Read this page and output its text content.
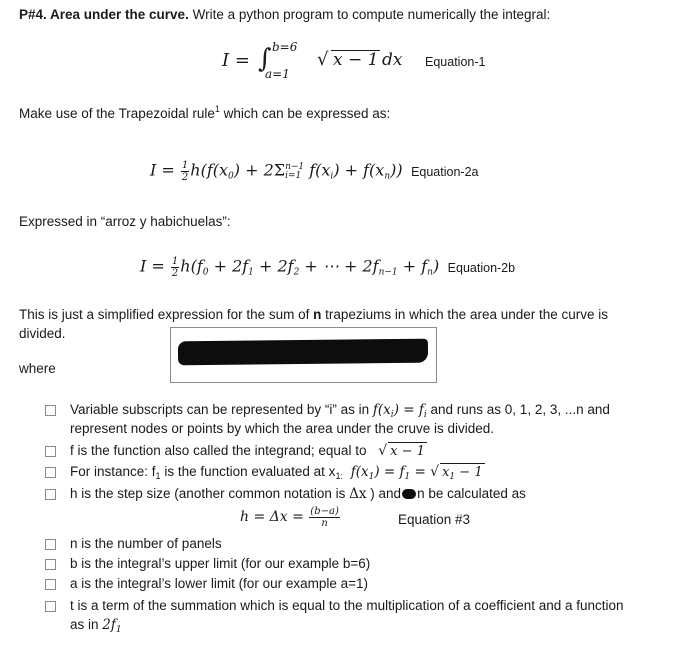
P#4. Area under the curve. Write a python program to compute numerically the integral:
I = ∫ b=6
a=1
√ x − 1 dx Equation-1
Make use of the Trapezoidal rule$^1$ which can be expressed as:
$I = \frac{1}{2} h(f(x_0) + 2\Sigma$ n−1
i=1 $f(x_i) + f(x_n)$) Equation-2a
Expressed in “arroz y habichuelas”:
$I = \frac{1}{2} h(f_0 + 2f_1 + 2f_2$ + ⋯ + $2f_{n-1} + f_n$) Equation-2b
This is just a simplified expression for the sum of n trapeziums in which the area under the curve is
divided.
where
Variable subscripts can be represented by “i” as in $f(x_i) = f_i$ and runs as 0, 1, 2, 3, ...n and
represent nodes or points by which the area under the cruve is divided.
f is the function also called the integrand; equal to √ x − 1
For instance: $f_1$ is the function evaluated at $x_{1:}$ $f(x_1) = f_1$ = √ $x_1 - 1$
h is the step size (another common notation is Δx ) and n be calculated as
$h = \Delta x = \frac{(b-a)}{n}$	Equation #3
n is the number of panels
b is the integral’s upper limit (for our example b=6)
a is the integral’s lower limit (for our example a=1)
t is a term of the summation which is equal to the multiplication of a coefficient and a function
as in $2f_1$
